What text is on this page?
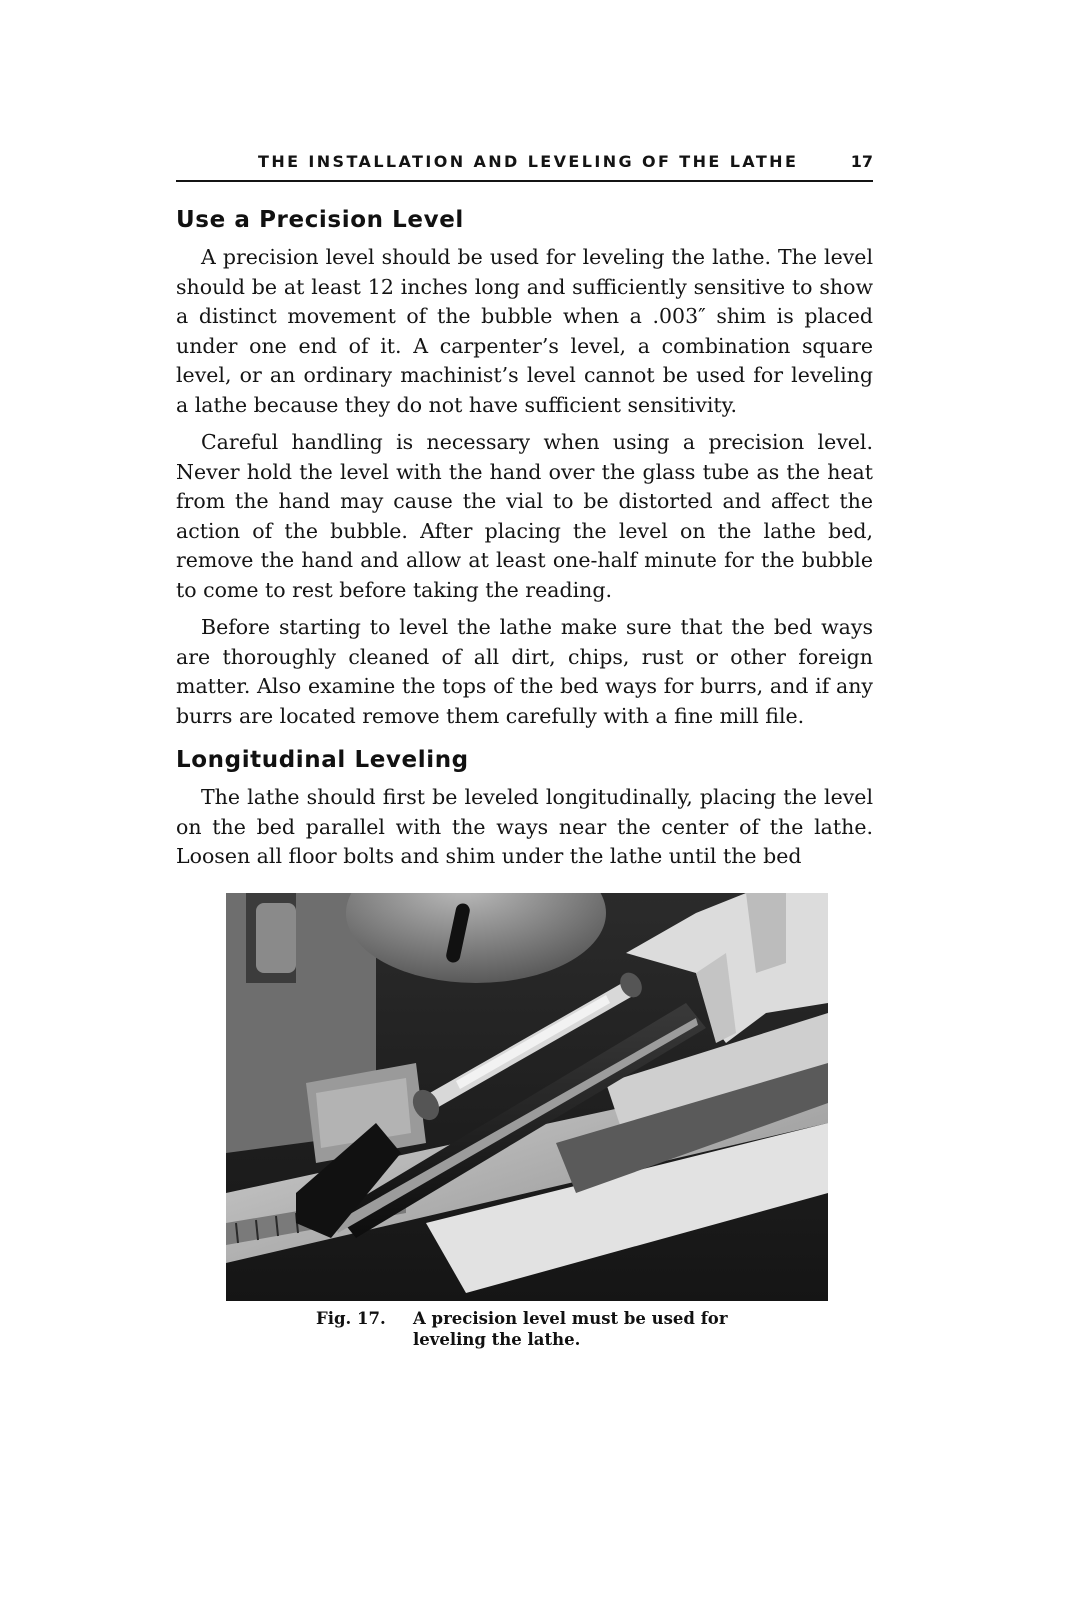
THE INSTALLATION AND LEVELING OF THE LATHE	17
Use a Precision Level

A precision level should be used for leveling the lathe. The level should be at least 12 inches long and sufficiently sensitive to show a distinct movement of the bubble when a .003″ shim is placed under one end of it. A carpenter’s level, a combination square level, or an ordinary machinist’s level cannot be used for leveling a lathe because they do not have sufficient sensitivity.

Careful handling is necessary when using a precision level. Never hold the level with the hand over the glass tube as the heat from the hand may cause the vial to be distorted and affect the action of the bubble. After placing the level on the lathe bed, remove the hand and allow at least one-half minute for the bubble to come to rest before taking the reading.

Before starting to level the lathe make sure that the bed ways are thoroughly cleaned of all dirt, chips, rust or other foreign matter. Also examine the tops of the bed ways for burrs, and if any burrs are located remove them carefully with a fine mill file.

Longitudinal Leveling

The lathe should first be leveled longitudinally, placing the level on the bed parallel with the ways near the center of the lathe. Loosen all floor bolts and shim under the lathe until the bed

Fig. 17. A precision level must be used for leveling the lathe.
